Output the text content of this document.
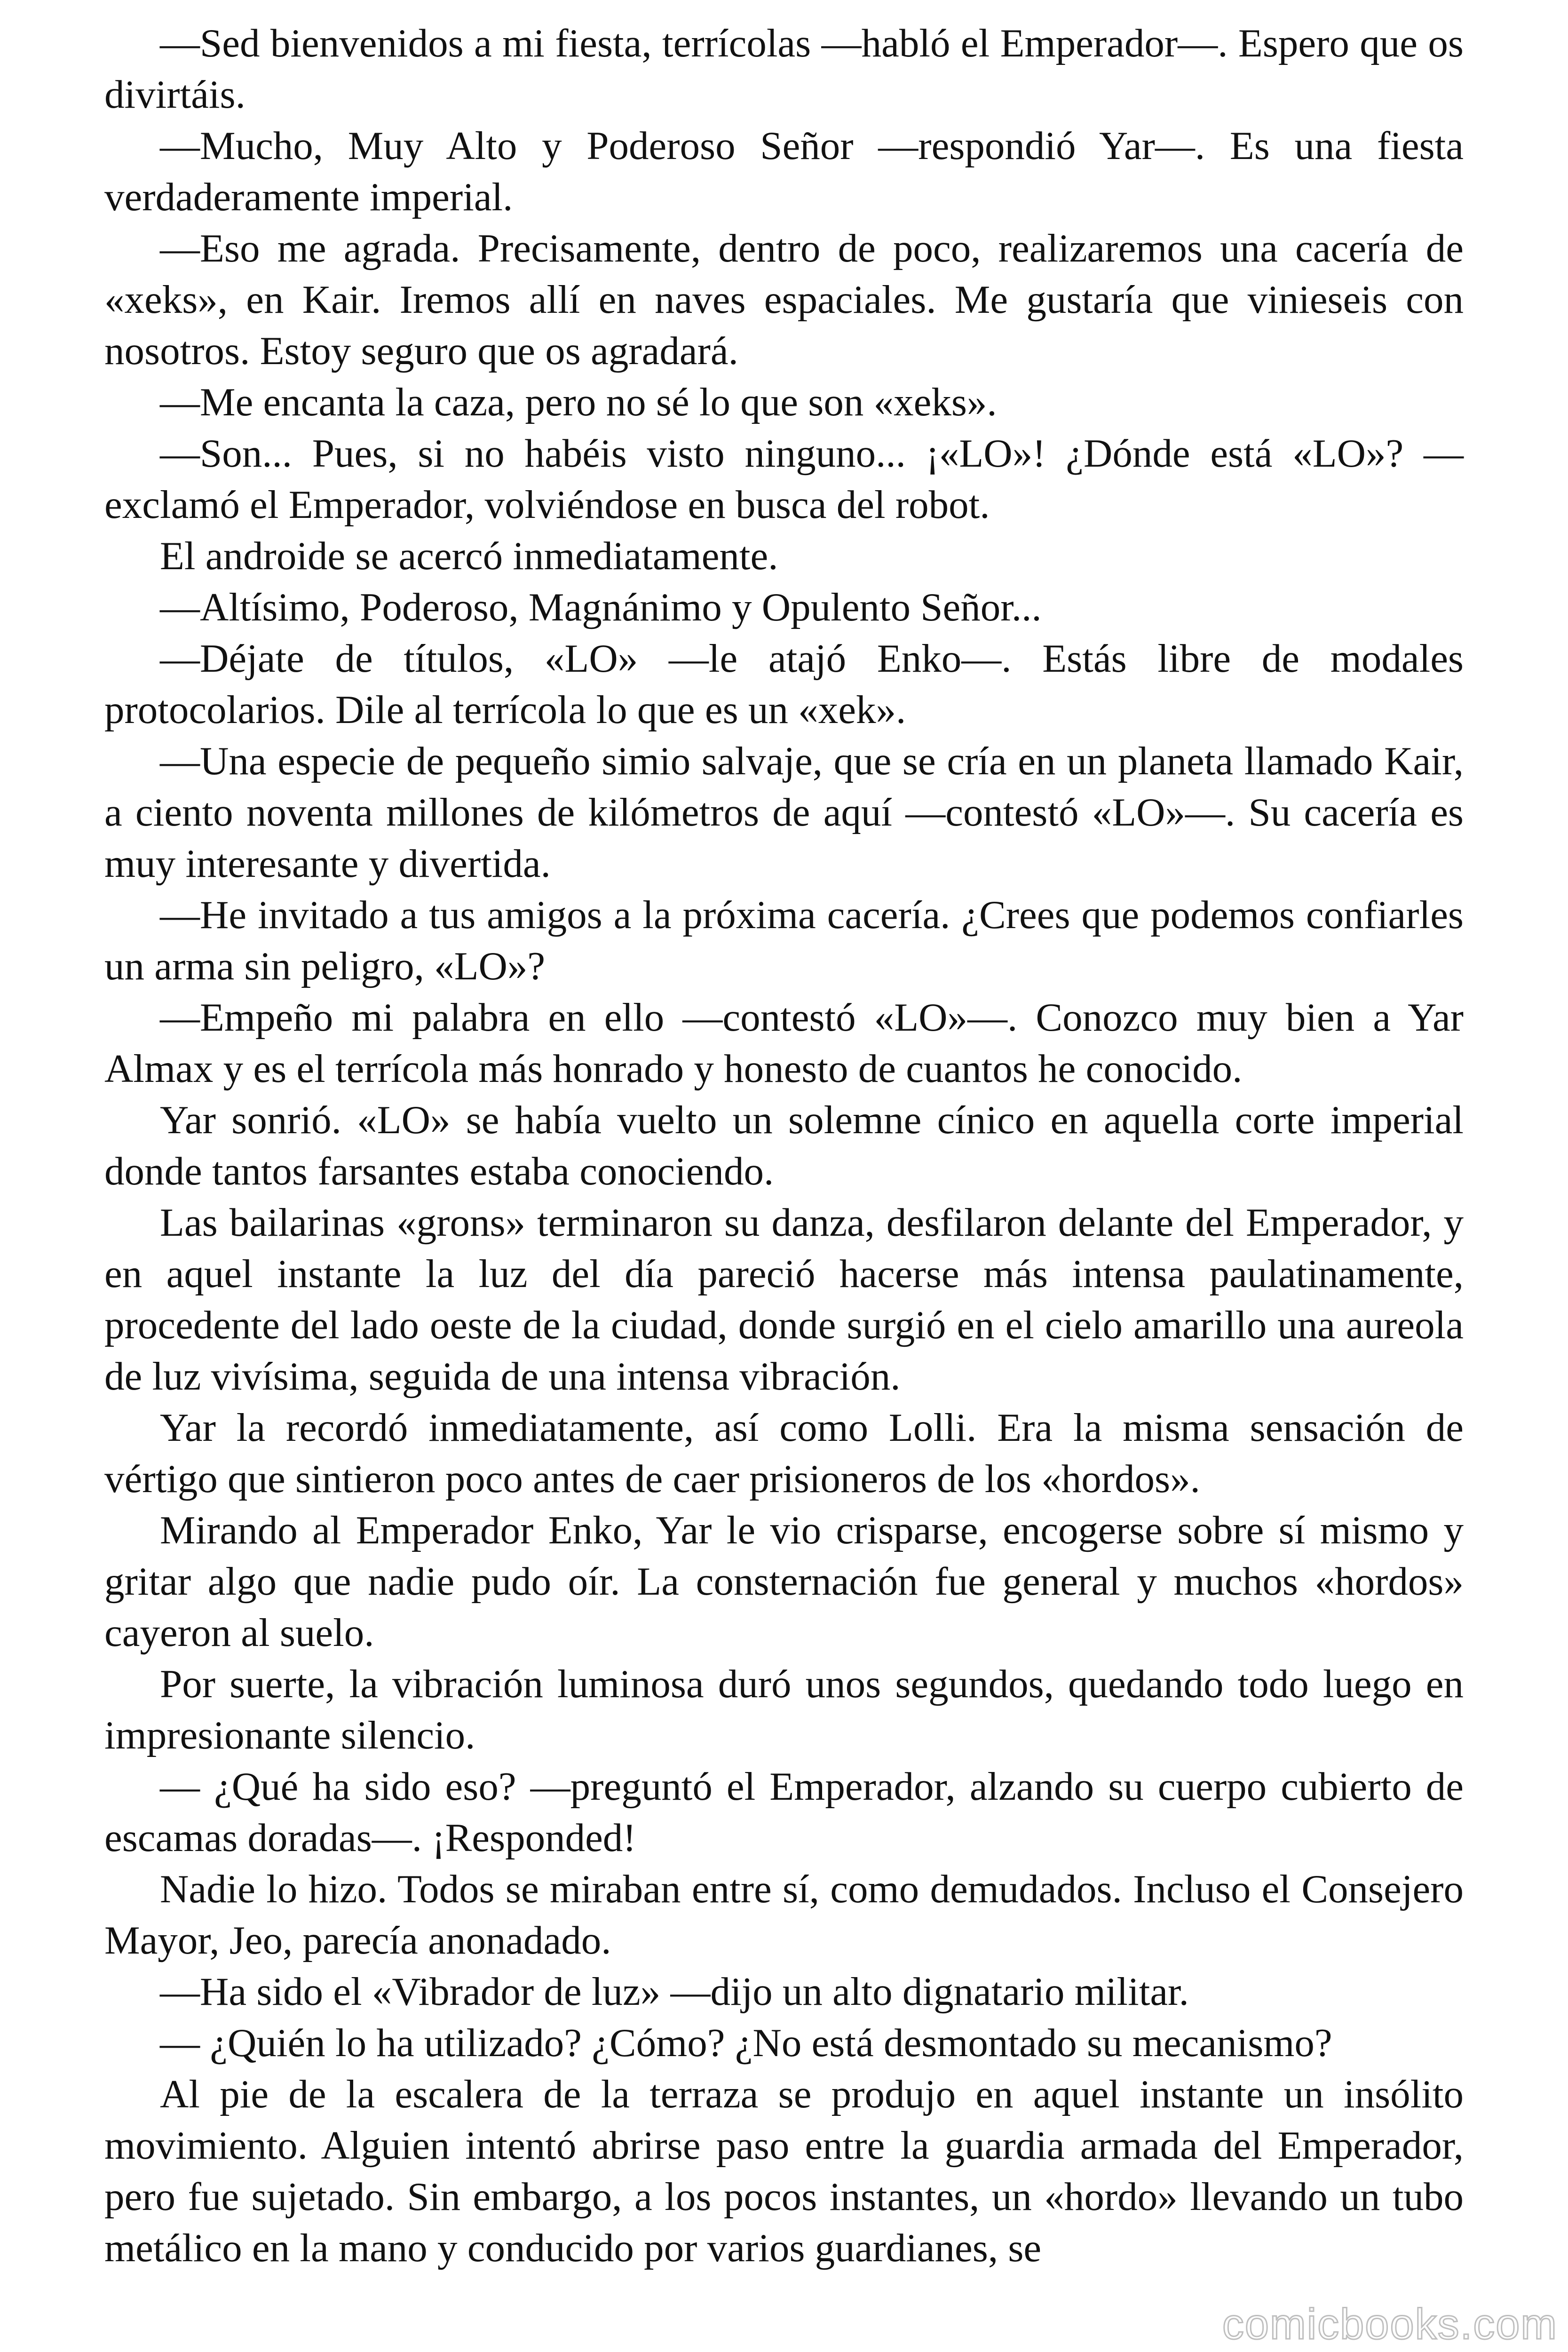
—Sed bienvenidos a mi fiesta, terrícolas —habló el Emperador—. Espero que os divirtáis.

—Mucho, Muy Alto y Poderoso Señor —respondió Yar—. Es una fiesta verdaderamente imperial.

—Eso me agrada. Precisamente, dentro de poco, realizaremos una cacería de «xeks», en Kair. Iremos allí en naves espaciales. Me gustaría que vinieseis con nosotros. Estoy seguro que os agradará.

—Me encanta la caza, pero no sé lo que son «xeks».

—Son... Pues, si no habéis visto ninguno... ¡«LO»! ¿Dónde está «LO»? —exclamó el Emperador, volviéndose en busca del robot.

El androide se acercó inmediatamente.

—Altísimo, Poderoso, Magnánimo y Opulento Señor...

—Déjate de títulos, «LO» —le atajó Enko—. Estás libre de modales protocolarios. Dile al terrícola lo que es un «xek».

—Una especie de pequeño simio salvaje, que se cría en un planeta llamado Kair, a ciento noventa millones de kilómetros de aquí —contestó «LO»—. Su cacería es muy interesante y divertida.

—He invitado a tus amigos a la próxima cacería. ¿Crees que podemos confiarles un arma sin peligro, «LO»?

—Empeño mi palabra en ello —contestó «LO»—. Conozco muy bien a Yar Almax y es el terrícola más honrado y honesto de cuantos he conocido.

Yar sonrió. «LO» se había vuelto un solemne cínico en aquella corte imperial donde tantos farsantes estaba conociendo.

Las bailarinas «grons» terminaron su danza, desfilaron delante del Emperador, y en aquel instante la luz del día pareció hacerse más intensa paulatinamente, procedente del lado oeste de la ciudad, donde surgió en el cielo amarillo una aureola de luz vivísima, seguida de una intensa vibración.

Yar la recordó inmediatamente, así como Lolli. Era la misma sensación de vértigo que sintieron poco antes de caer prisioneros de los «hordos».

Mirando al Emperador Enko, Yar le vio crisparse, encogerse sobre sí mismo y gritar algo que nadie pudo oír. La consternación fue general y muchos «hordos» cayeron al suelo.

Por suerte, la vibración luminosa duró unos segundos, quedando todo luego en impresionante silencio.

— ¿Qué ha sido eso? —preguntó el Emperador, alzando su cuerpo cubierto de escamas doradas—. ¡Responded!

Nadie lo hizo. Todos se miraban entre sí, como demudados. Incluso el Consejero Mayor, Jeo, parecía anonadado.

—Ha sido el «Vibrador de luz» —dijo un alto dignatario militar.

— ¿Quién lo ha utilizado? ¿Cómo? ¿No está desmontado su mecanismo?

Al pie de la escalera de la terraza se produjo en aquel instante un insólito movimiento. Alguien intentó abrirse paso entre la guardia armada del Emperador, pero fue sujetado. Sin embargo, a los pocos instantes, un «hordo» llevando un tubo metálico en la mano y conducido por varios guardianes, se

comicbooks.com
